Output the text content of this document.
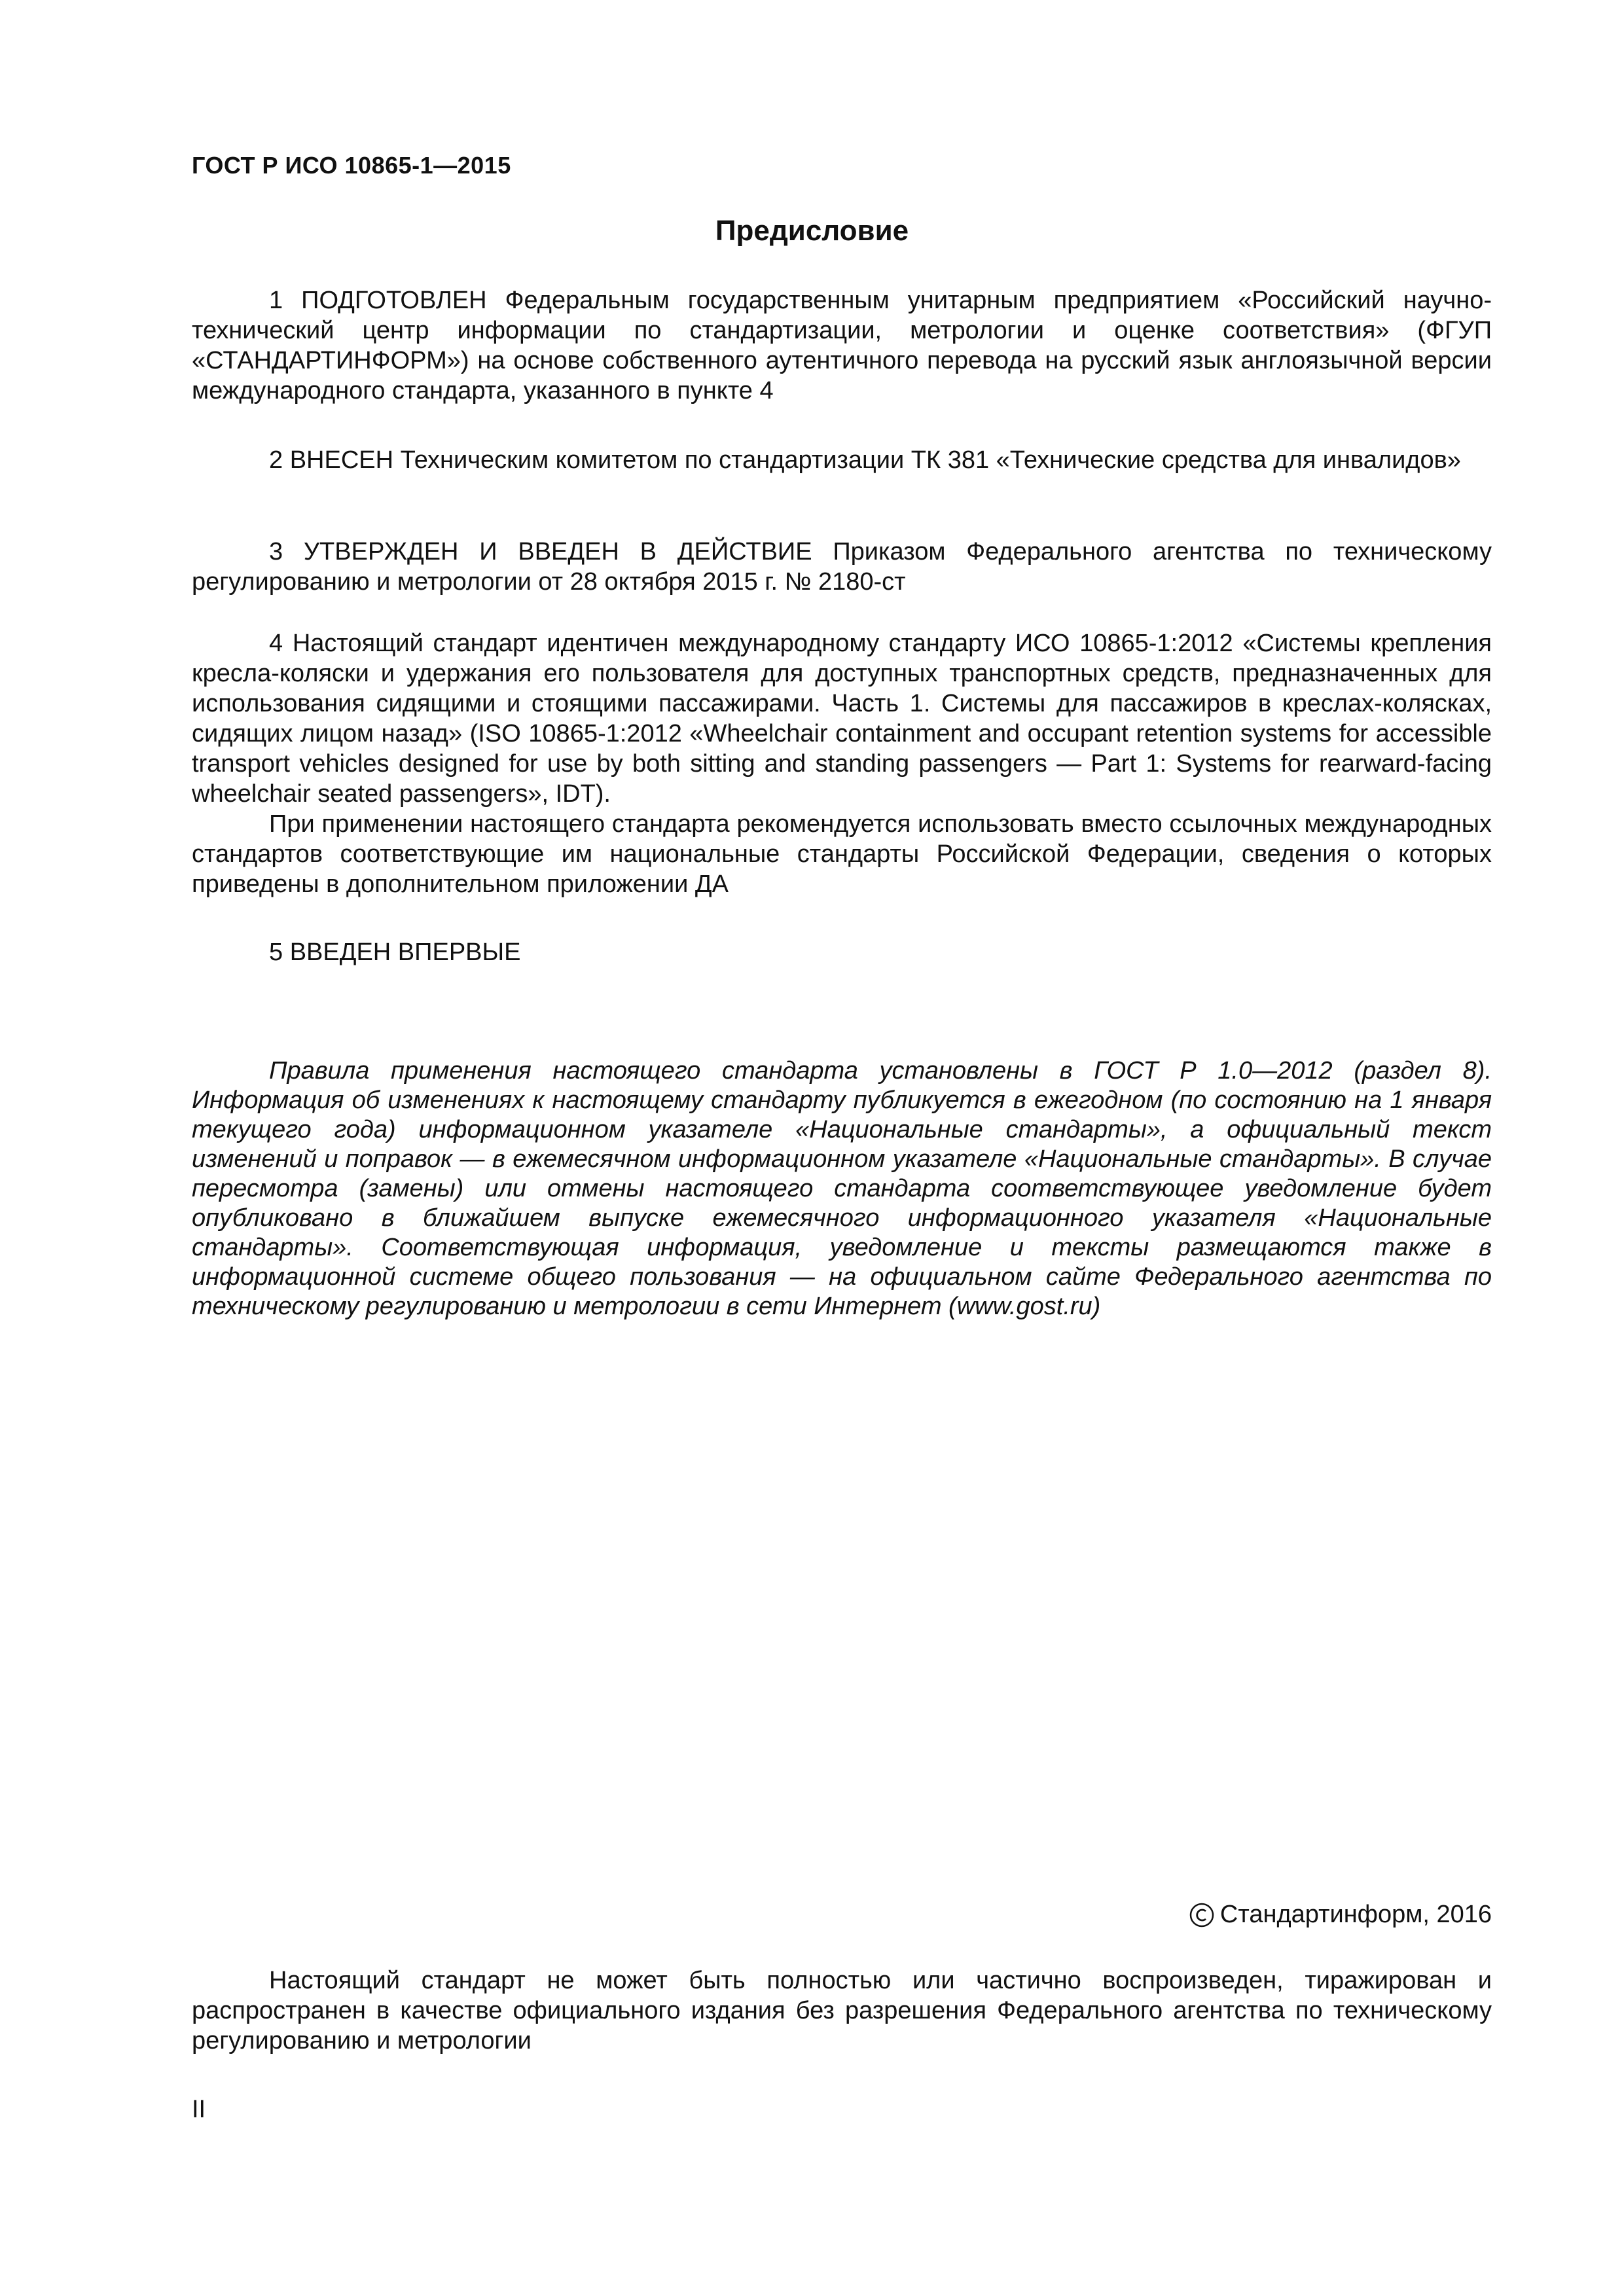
ГОСТ Р ИСО 10865-1—2015
Предисловие

1 ПОДГОТОВЛЕН Федеральным государственным унитарным предприятием «Российский научно-технический центр информации по стандартизации, метрологии и оценке соответствия» (ФГУП «СТАНДАРТИНФОРМ») на основе собственного аутентичного перевода на русский язык англоязычной версии международного стандарта, указанного в пункте 4

2 ВНЕСЕН Техническим комитетом по стандартизации ТК 381 «Технические средства для инвалидов»

3 УТВЕРЖДЕН И ВВЕДЕН В ДЕЙСТВИЕ Приказом Федерального агентства по техническому регулированию и метрологии от 28 октября 2015 г. № 2180-ст

4 Настоящий стандарт идентичен международному стандарту ИСО 10865-1:2012 «Системы крепления кресла-коляски и удержания его пользователя для доступных транспортных средств, предназначенных для использования сидящими и стоящими пассажирами. Часть 1. Системы для пассажиров в креслах-колясках, сидящих лицом назад» (ISO 10865-1:2012 «Wheelchair containment and occupant retention systems for accessible transport vehicles designed for use by both sitting and standing passengers — Part 1: Systems for rearward-facing wheelchair seated passengers», IDT).

При применении настоящего стандарта рекомендуется использовать вместо ссылочных международных стандартов соответствующие им национальные стандарты Российской Федерации, сведения о которых приведены в дополнительном приложении ДА

5 ВВЕДЕН ВПЕРВЫЕ

Правила применения настоящего стандарта установлены в ГОСТ Р 1.0—2012 (раздел 8). Информация об изменениях к настоящему стандарту публикуется в ежегодном (по состоянию на 1 января текущего года) информационном указателе «Национальные стандарты», а официальный текст изменений и поправок — в ежемесячном информационном указателе «Национальные стандарты». В случае пересмотра (замены) или отмены настоящего стандарта соответствующее уведомление будет опубликовано в ближайшем выпуске ежемесячного информационного указателя «Национальные стандарты». Соответствующая информация, уведомление и тексты размещаются также в информационной системе общего пользования — на официальном сайте Федерального агентства по техническому регулированию и метрологии в сети Интернет (www.gost.ru)

Стандартинформ, 2016

Настоящий стандарт не может быть полностью или частично воспроизведен, тиражирован и распространен в качестве официального издания без разрешения Федерального агентства по техническому регулированию и метрологии

II
